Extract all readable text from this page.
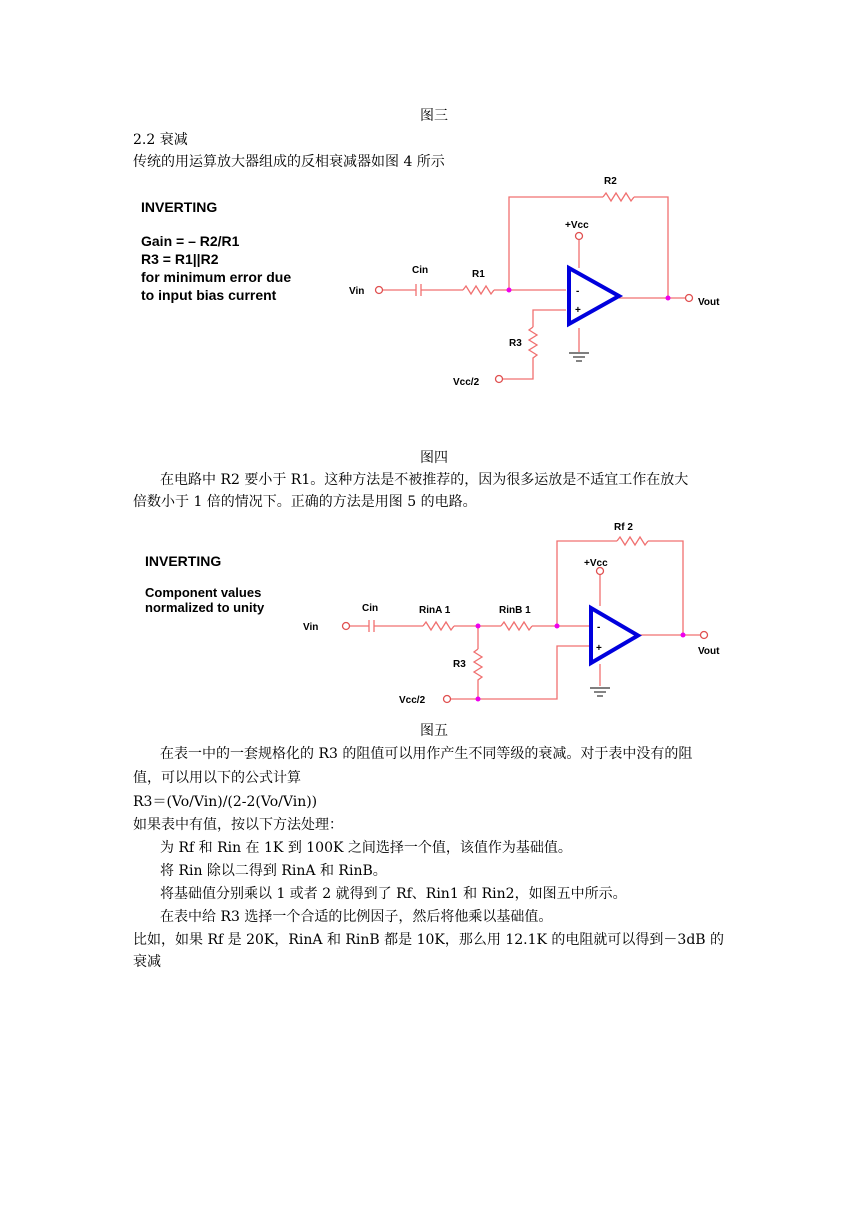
图三
2.2 衰减
传统的用运算放大器组成的反相衰减器如图 4 所示
INVERTING
Gain = – R2/R1
R3 = R1||R2
for minimum error due
to input bias current
R2
+Vcc
Cin	R1
Vin
Vout
R3
Vcc/2
-
+
图四
在电路中 R2 要小于 R1。这种方法是不被推荐的，因为很多运放是不适宜工作在放大
倍数小于 1 倍的情况下。正确的方法是用图 5 的电路。
INVERTING
Component values
normalized to unity
Rf 2
+Vcc
Cin	RinA 1	RinB 1
Vin
Vout
R3
Vcc/2
-
+
图五
在表一中的一套规格化的 R3 的阻值可以用作产生不同等级的衰减。对于表中没有的阻
值，可以用以下的公式计算
R3＝(Vo/Vin)/(2-2(Vo/Vin))
如果表中有值，按以下方法处理：
为 Rf 和 Rin 在 1K 到 100K 之间选择一个值，该值作为基础值。
将 Rin 除以二得到 RinA 和 RinB。
将基础值分别乘以 1 或者 2 就得到了 Rf、Rin1 和 Rin2，如图五中所示。
在表中给 R3 选择一个合适的比例因子，然后将他乘以基础值。
比如，如果 Rf 是 20K，RinA 和 RinB 都是 10K，那么用 12.1K 的电阻就可以得到－3dB 的
衰减
